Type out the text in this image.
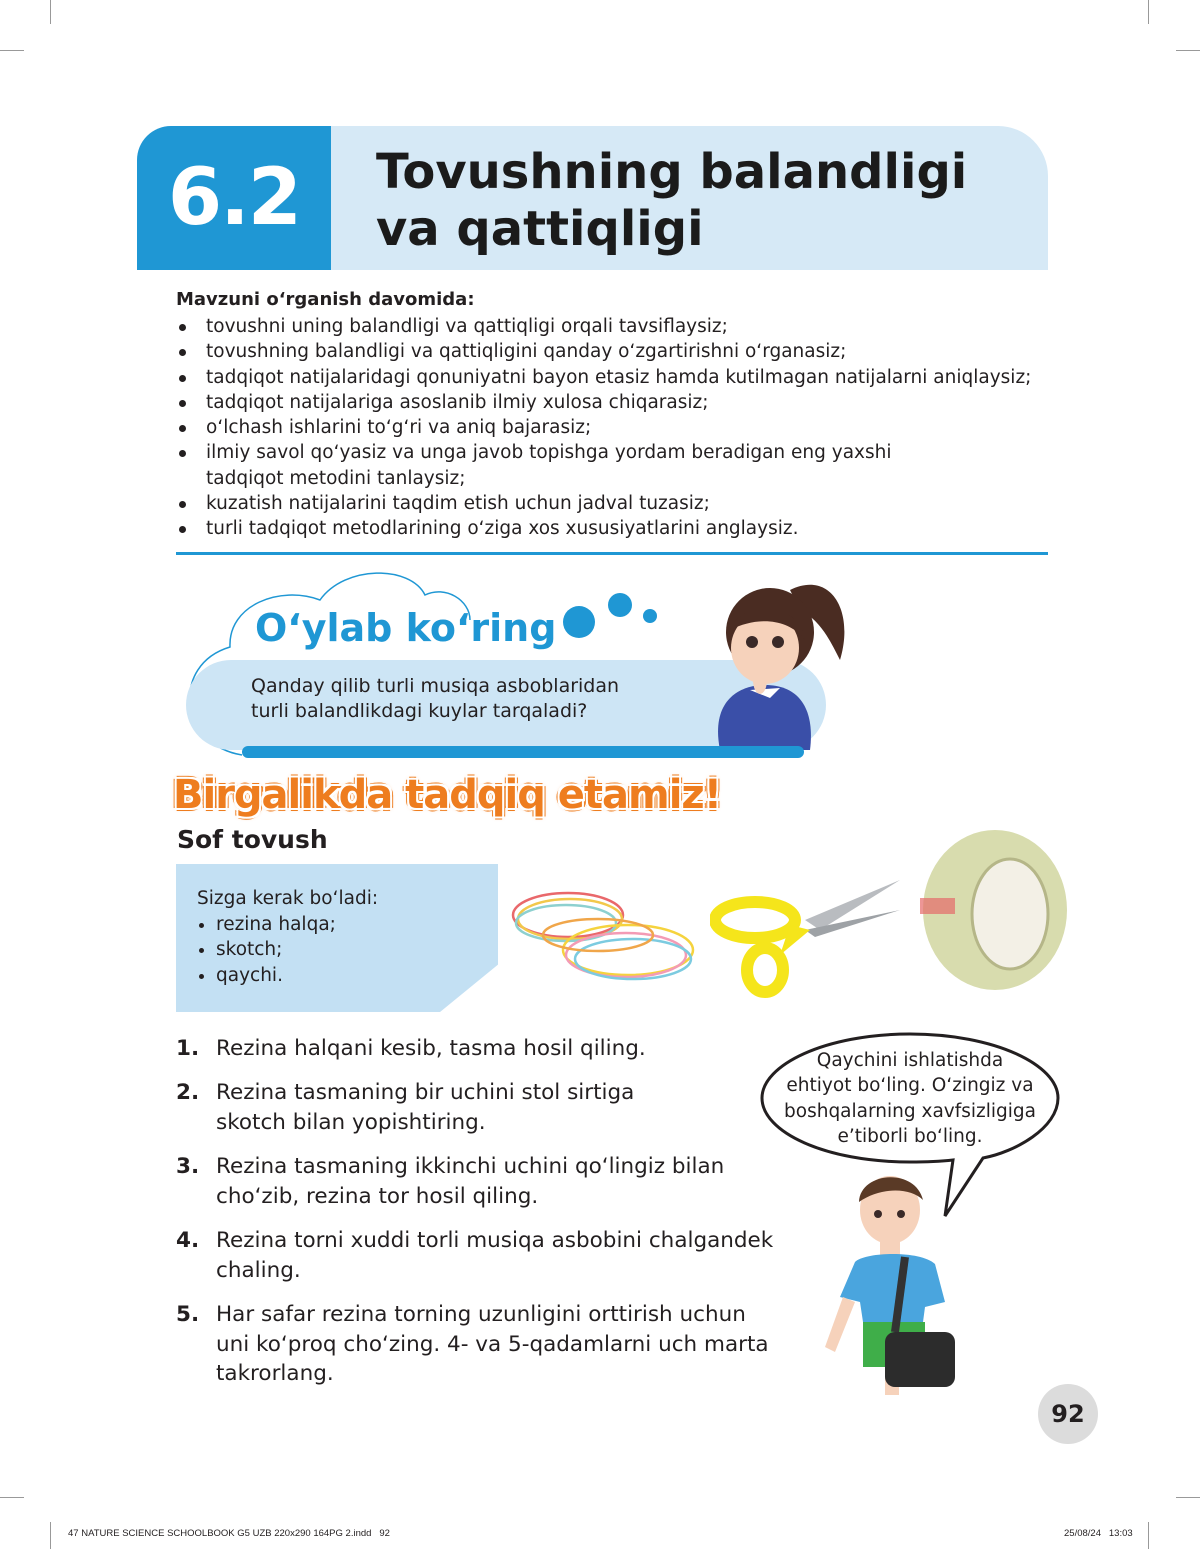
6.2	Tovushning balandligi
va qattiqligi
Mavzuni o‘rganish davomida:
tovushni uning balandligi va qattiqligi orqali tavsiflaysiz;
tovushning balandligi va qattiqligini qanday o‘zgartirishni o‘rganasiz;
tadqiqot natijalaridagi qonuniyatni bayon etasiz hamda kutilmagan natijalarni aniqlaysiz;
tadqiqot natijalariga asoslanib ilmiy xulosa chiqarasiz;
o‘lchash ishlarini to‘g‘ri va aniq bajarasiz;
ilmiy savol qo‘yasiz va unga javob topishga yordam beradigan eng yaxshi
tadqiqot metodini tanlaysiz;
kuzatish natijalarini taqdim etish uchun jadval tuzasiz;
turli tadqiqot metodlarining o‘ziga xos xususiyatlarini anglaysiz.
O‘ylab ko‘ring
Qanday qilib turli musiqa asboblaridan
turli balandlikdagi kuylar tarqaladi?
Birgalikda tadqiq etamiz!
Sof tovush
Sizga kerak bo‘ladi:
rezina halqa;
skotch;
qaychi.
1. Rezina halqani kesib, tasma hosil qiling.
2. Rezina tasmaning bir uchini stol sirtiga
skotch bilan yopishtiring.
3. Rezina tasmaning ikkinchi uchini qo‘lingiz bilan
cho‘zib, rezina tor hosil qiling.
4. Rezina torni xuddi torli musiqa asbobini chalgandek
chaling.
5. Har safar rezina torning uzunligini orttirish uchun
uni ko‘proq cho‘zing. 4- va 5-qadamlarni uch marta
takrorlang.
Qaychini ishlatishda
ehtiyot bo‘ling. O‘zingiz va
boshqalarning xavfsizligiga
e’tiborli bo‘ling.
92
47 NATURE SCIENCE SCHOOLBOOK G5 UZB 220x290 164PG 2.indd   92	25/08/24   13:03
